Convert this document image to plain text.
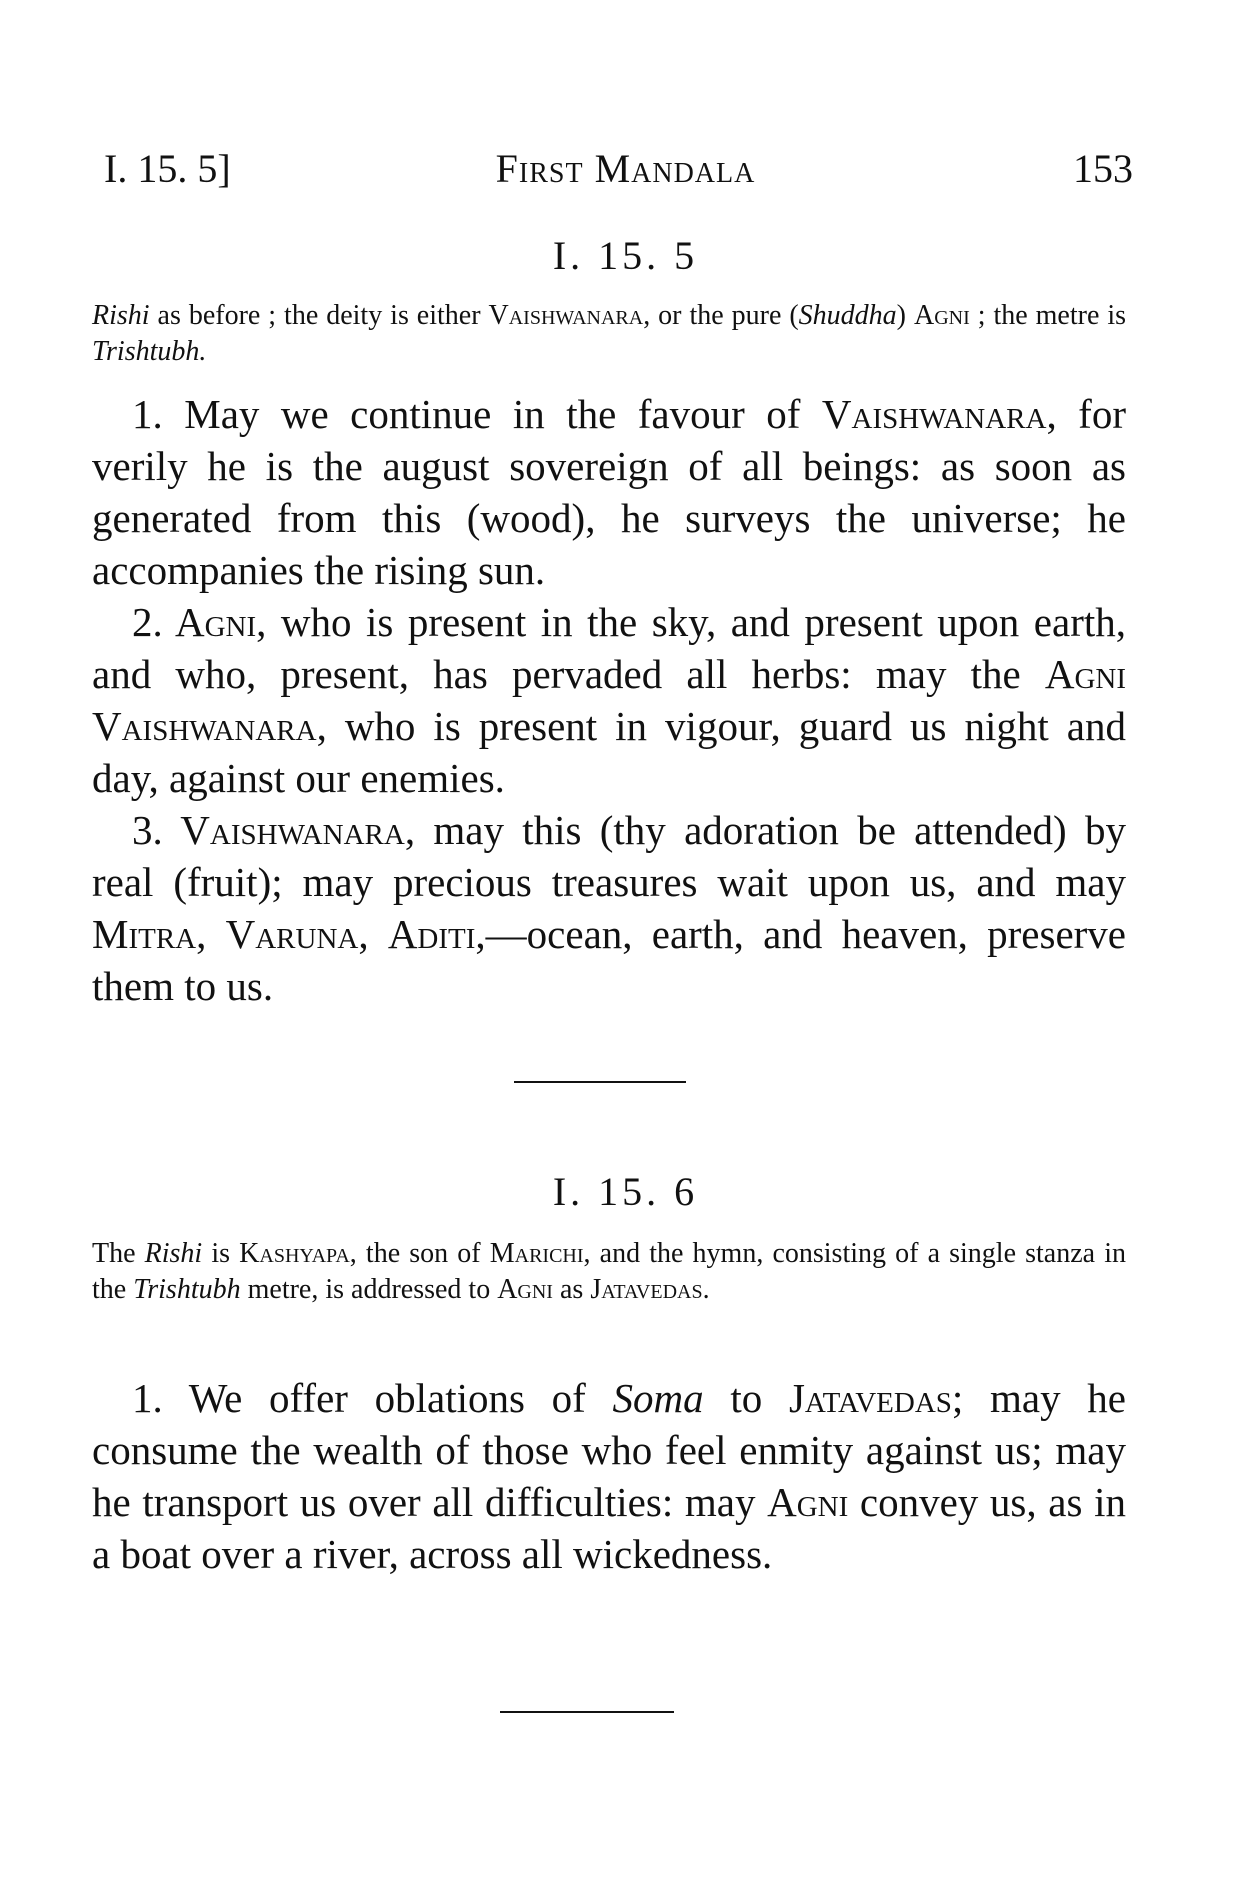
I. 15. 5]	First Mandala	153
I. 15. 5
Rishi as before ; the deity is either Vaishwanara, or the pure (Shuddha) Agni ; the metre is Trishtubh.

1. May we continue in the favour of Vaishwanara, for verily he is the august sovereign of all beings: as soon as generated from this (wood), he surveys the universe; he accompanies the rising sun.

2. Agni, who is present in the sky, and present upon earth, and who, present, has pervaded all herbs: may the Agni Vaishwanara, who is present in vigour, guard us night and day, against our enemies.

3. Vaishwanara, may this (thy adoration be attended) by real (fruit); may precious treasures wait upon us, and may Mitra, Varuna, Aditi,—ocean, earth, and heaven, preserve them to us.

I. 15. 6
The Rishi is Kashyapa, the son of Marichi, and the hymn, consisting of a single stanza in the Trishtubh metre, is addressed to Agni as Jatavedas.

1. We offer oblations of Soma to Jatavedas; may he consume the wealth of those who feel enmity against us; may he transport us over all difficulties: may Agni convey us, as in a boat over a river, across all wickedness.
